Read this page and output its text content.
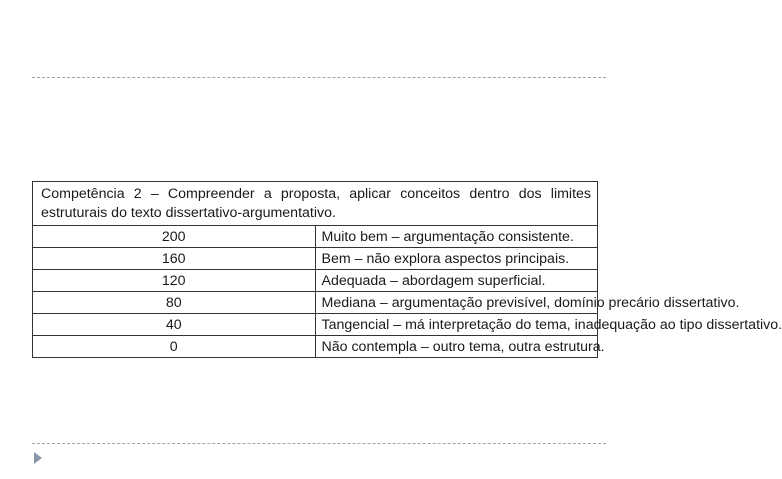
Competência 2 – Compreender a proposta, aplicar conceitos dentro dos limites estruturais do texto dissertativo-argumentativo.	
200	Muito bem – argumentação consistente.
160	Bem – não explora aspectos principais.
120	Adequada – abordagem superficial.
80	Mediana – argumentação previsível, domínio precário dissertativo.
40	Tangencial – má interpretação do tema, inadequação ao tipo dissertativo.
0	Não contempla – outro tema, outra estrutura.
